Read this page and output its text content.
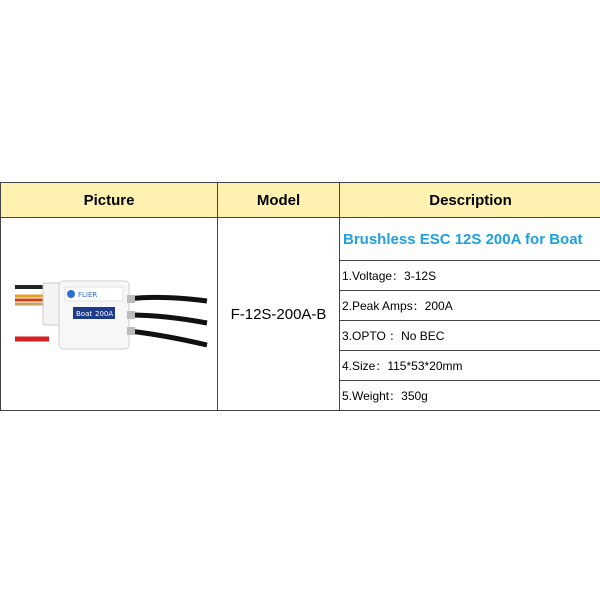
Picture	Model	Description

FLIER
Boat 200A	F-12S-200A-B	Brushless ESC 12S 200A for Boat
		1.Voltage：3-12S
		2.Peak Amps：200A
		3.OPTO ：No BEC
		4.Size：115*53*20mm
		5.Weight：350g
